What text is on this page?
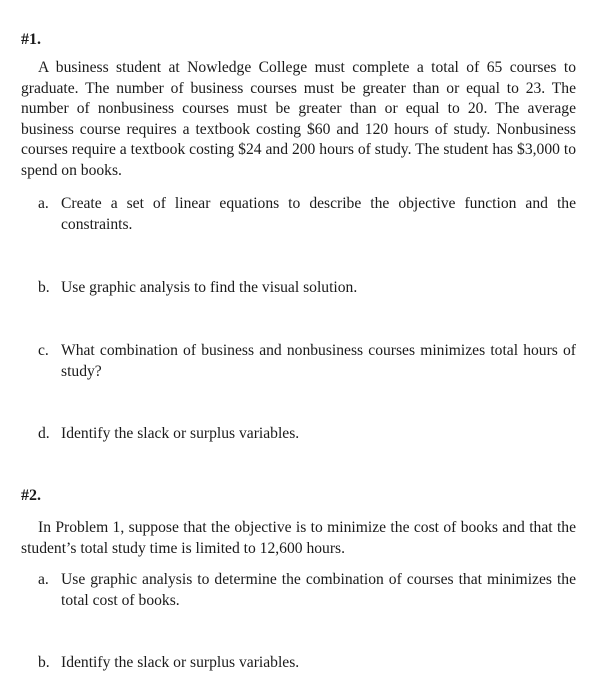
#1.
A business student at Nowledge College must complete a total of 65 courses to graduate. The number of business courses must be greater than or equal to 23. The number of nonbusiness courses must be greater than or equal to 20. The average business course requires a textbook costing $60 and 120 hours of study. Nonbusiness courses require a textbook costing $24 and 200 hours of study. The student has $3,000 to spend on books.
a. Create a set of linear equations to describe the objective function and the constraints.
b. Use graphic analysis to find the visual solution.
c. What combination of business and nonbusiness courses minimizes total hours of study?
d. Identify the slack or surplus variables.
#2.
In Problem 1, suppose that the objective is to minimize the cost of books and that the student’s total study time is limited to 12,600 hours.
a. Use graphic analysis to determine the combination of courses that minimizes the total cost of books.
b. Identify the slack or surplus variables.
